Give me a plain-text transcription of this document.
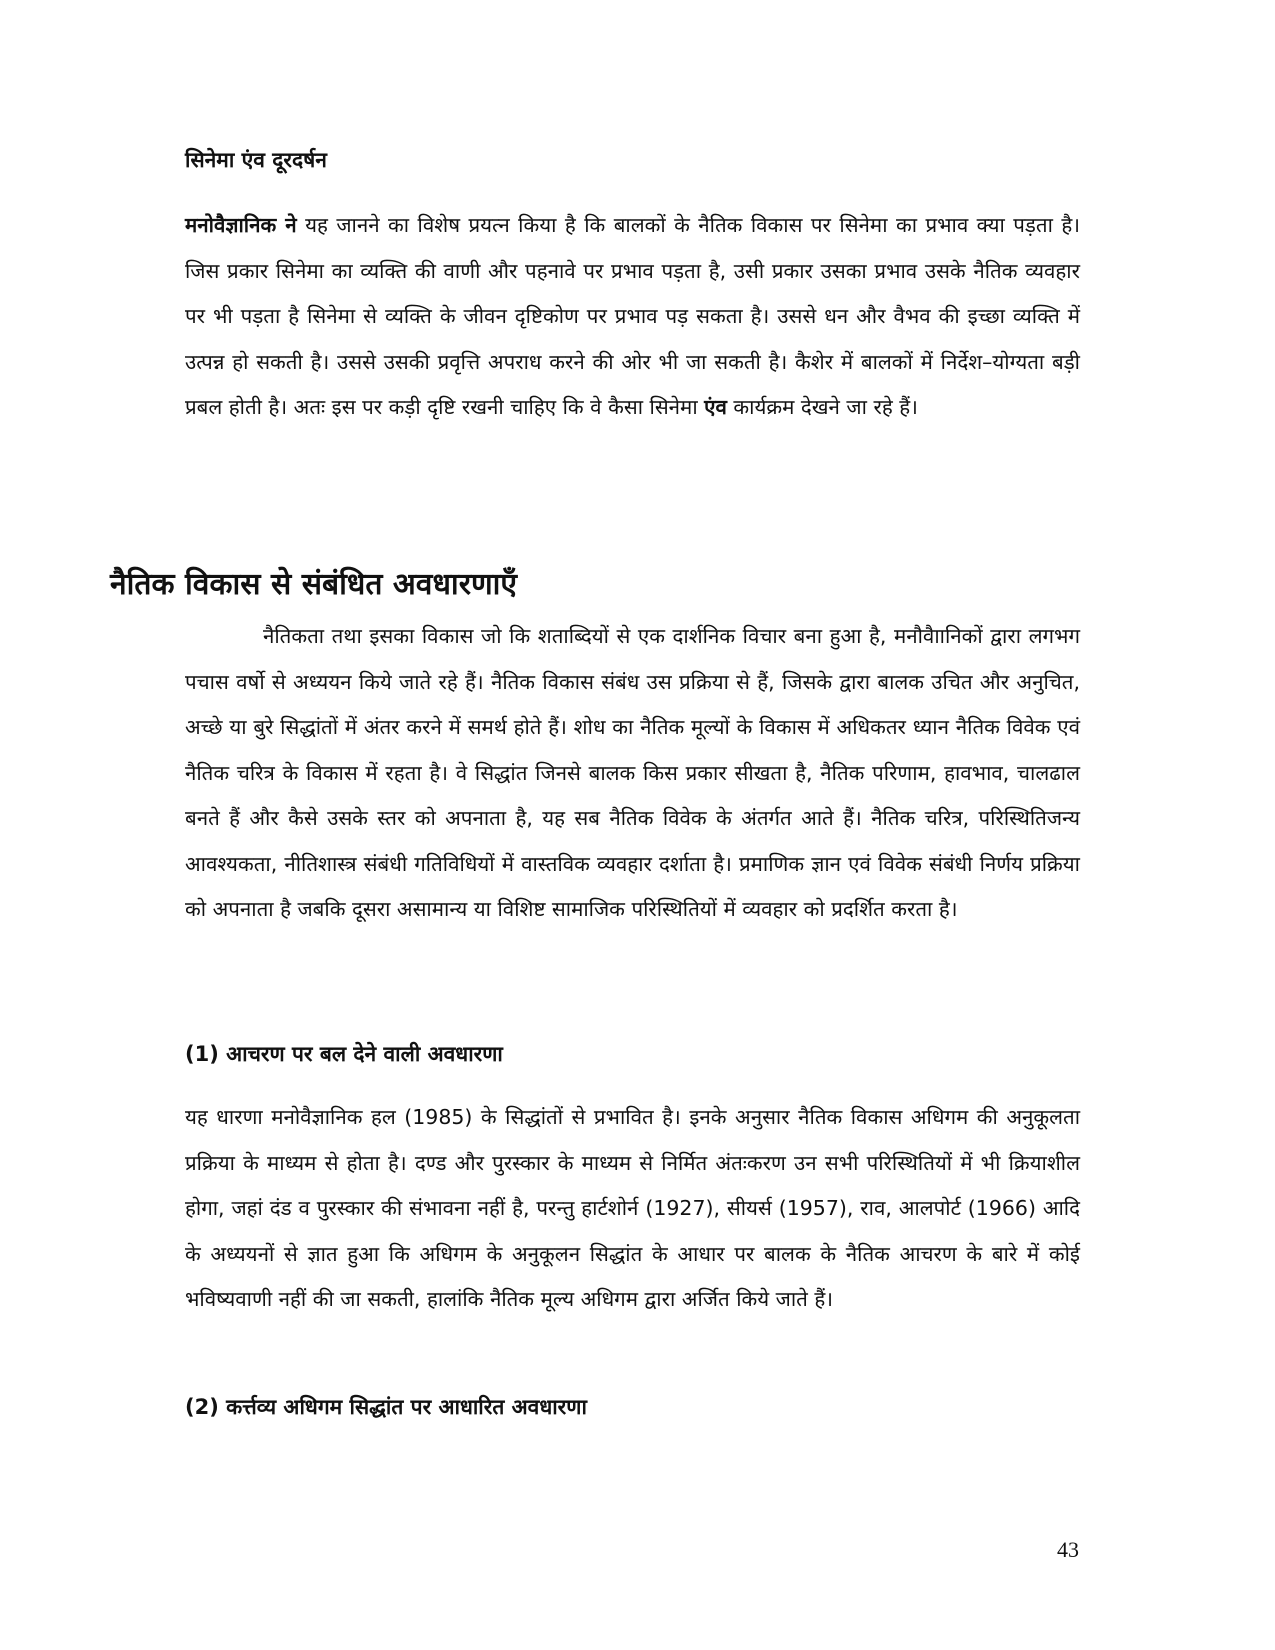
सिनेमा एंव दूरदर्षन

मनोवैज्ञानिक ने यह जानने का विशेष प्रयत्न किया है कि बालकों के नैतिक विकास पर सिनेमा का प्रभाव क्या पड़ता है। जिस प्रकार सिनेमा का व्यक्ति की वाणी और पहनावे पर प्रभाव पड़ता है, उसी प्रकार उसका प्रभाव उसके नैतिक व्यवहार पर भी पड़ता है सिनेमा से व्यक्ति के जीवन दृष्टिकोण पर प्रभाव पड़ सकता है। उससे धन और वैभव की इच्छा व्यक्ति में उत्पन्न हो सकती है। उससे उसकी प्रवृत्ति अपराध करने की ओर भी जा सकती है। कैशेर में बालकों में निर्देश–योग्यता बड़ी प्रबल होती है। अतः इस पर कड़ी दृष्टि रखनी चाहिए कि वे कैसा सिनेमा एंव कार्यक्रम देखने जा रहे हैं।

नैतिक विकास से संबंधित अवधारणाएँ

नैतिकता तथा इसका विकास जो कि शताब्दियों से एक दार्शनिक विचार बना हुआ है, मनौवैाानिकों द्वारा लगभग पचास वर्षो से अध्ययन किये जाते रहे हैं। नैतिक विकास संबंध उस प्रक्रिया से हैं, जिसके द्वारा बालक उचित और अनुचित, अच्छे या बुरे सिद्धांतों में अंतर करने में समर्थ होते हैं। शोध का नैतिक मूल्यों के विकास में अधिकतर ध्यान नैतिक विवेक एवं नैतिक चरित्र के विकास में रहता है। वे सिद्धांत जिनसे बालक किस प्रकार सीखता है, नैतिक परिणाम, हावभाव, चालढाल बनते हैं और कैसे उसके स्तर को अपनाता है, यह सब नैतिक विवेक के अंतर्गत आते हैं। नैतिक चरित्र, परिस्थितिजन्य आवश्यकता, नीतिशास्त्र संबंधी गतिविधियों में वास्तविक व्यवहार दर्शाता है। प्रमाणिक ज्ञान एवं विवेक संबंधी निर्णय प्रक्रिया को अपनाता है जबकि दूसरा असामान्य या विशिष्ट सामाजिक परिस्थितियों में व्यवहार को प्रदर्शित करता है।

(1) आचरण पर बल देने वाली अवधारणा

यह धारणा मनोवैज्ञानिक हल (1985) के सिद्धांतों से प्रभावित है। इनके अनुसार नैतिक विकास अधिगम की अनुकूलता प्रक्रिया के माध्यम से होता है। दण्ड और पुरस्कार के माध्यम से निर्मित अंतःकरण उन सभी परिस्थितियों में भी क्रियाशील होगा, जहां दंड व पुरस्कार की संभावना नहीं है, परन्तु हार्टशोर्न (1927), सीयर्स (1957), राव, आलपोर्ट (1966) आदि के अध्ययनों से ज्ञात हुआ कि अधिगम के अनुकूलन सिद्धांत के आधार पर बालक के नैतिक आचरण के बारे में कोई भविष्यवाणी नहीं की जा सकती, हालांकि नैतिक मूल्य अधिगम द्वारा अर्जित किये जाते हैं।

(2) कर्त्तव्य अधिगम सिद्धांत पर आधारित अवधारणा
43
